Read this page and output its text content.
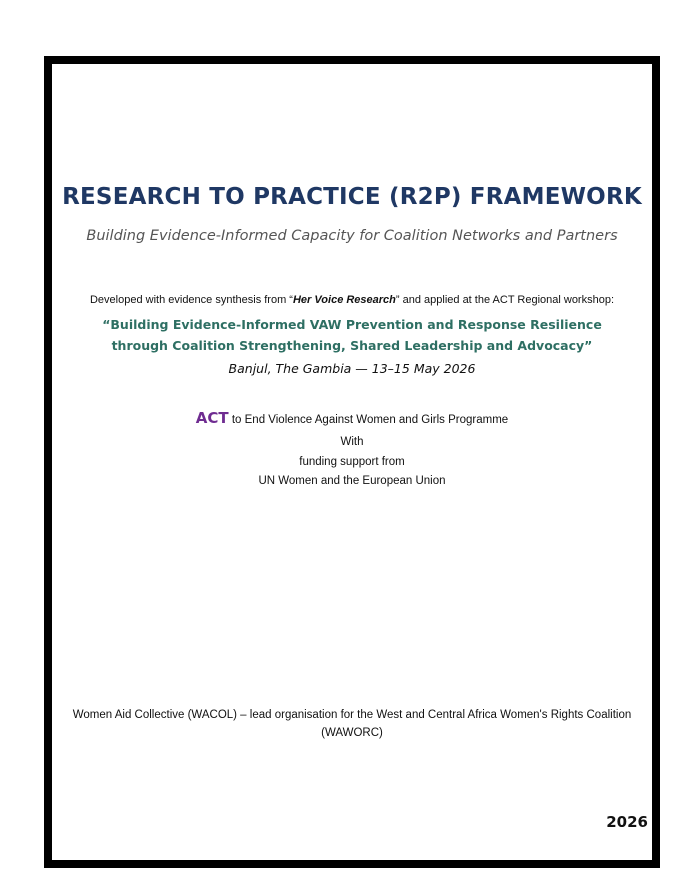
RESEARCH TO PRACTICE (R2P) FRAMEWORK
Building Evidence-Informed Capacity for Coalition Networks and Partners
Developed with evidence synthesis from “Her Voice Research” and applied at the ACT Regional workshop:
“Building Evidence-Informed VAW Prevention and Response Resilience through Coalition Strengthening, Shared Leadership and Advocacy”
Banjul, The Gambia — 13–15 May 2026
ACT to End Violence Against Women and Girls Programme
With
funding support from
UN Women and the European Union
Women Aid Collective (WACOL) – lead organisation for the West and Central Africa Women's Rights Coalition (WAWORC)
2026
